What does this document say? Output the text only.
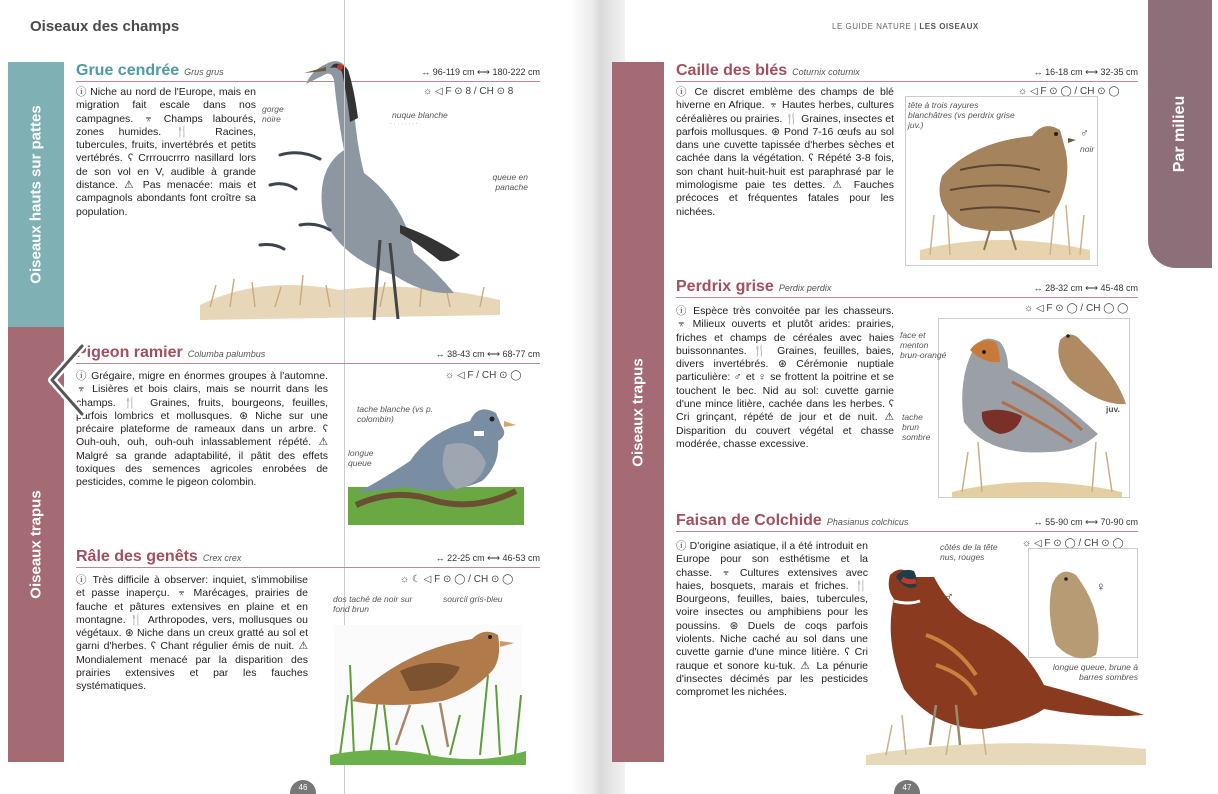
Oiseaux des champs
Oiseaux hauts sur pattes
Oiseaux trapus
Grue cendrée Grus grus	↔ 96-119 cm ⟷ 180-222 cm
☼ ◁ F ⊙ 8 / CH ⊙ 8
ⓘ Niche au nord de l'Europe, mais en migration fait escale dans nos campagnes. ⌆ Champs labourés, zones humides. 🍴 Racines, tubercules, fruits, invertébrés et petits vertébrés. ʕ Crrroucrrro nasillard lors de son vol en V, audible à grande distance. ⚠ Pas menacée: mais et campagnols abondants font croître sa population.
· · · · · ·
· · · · · · · ·
gorge noire	nuque blanche
queue en panache
Pigeon ramier Columba palumbus	↔ 38-43 cm ⟷ 68-77 cm
☼ ◁ F / CH ⊙ ◯
ⓘ Grégaire, migre en énormes groupes à l'automne. ⌆ Lisières et bois clairs, mais se nourrit dans les champs. 🍴 Graines, fruits, bourgeons, feuilles, parfois lombrics et mollusques. ⊛ Niche sur une précaire plateforme de rameaux dans un arbre. ʕ Ouh-ouh, ouh, ouh-ouh inlassablement répété. ⚠ Malgré sa grande adaptabilité, il pâtit des effets toxiques des semences agricoles enrobées de pesticides, comme le pigeon colombin.
tache blanche (vs p. colombin)
longue queue
Râle des genêts Crex crex	↔ 22-25 cm ⟷ 46-53 cm
☼ ☾ ◁ F ⊙ ◯ / CH ⊙ ◯
ⓘ Très difficile à observer: inquiet, s'immobilise et passe inaperçu. ⌆ Marécages, prairies de fauche et pâtures extensives en plaine et en montagne. 🍴 Arthropodes, vers, mollusques ou végétaux. ⊛ Niche dans un creux gratté au sol et garni d'herbes. ʕ Chant régulier émis de nuit. ⚠ Mondialement menacé par la disparition des prairies extensives et par les fauches systématiques.
dos taché de noir sur fond brun
sourcil gris-bleu
46
LE GUIDE NATURE | LES OISEAUX
Oiseaux trapus
Par milieu
Caille des blés Coturnix coturnix	↔ 16-18 cm ⟷ 32-35 cm
☼ ◁ F ⊙ ◯ / CH ⊙ ◯
ⓘ Ce discret emblème des champs de blé hiverne en Afrique. ⌆ Hautes herbes, cultures céréalières ou prairies. 🍴 Graines, insectes et parfois mollusques. ⊛ Pond 7-16 œufs au sol dans une cuvette tapissée d'herbes sèches et cachée dans la végétation. ʕ Répété 3-8 fois, son chant huit-huit-huit est paraphrasé par le mimologisme paie tes dettes. ⚠ Fauches précoces et fréquentes fatales pour les nichées.
tête à trois rayures blanchâtres (vs perdrix grise juv.)
♂
noir
Perdrix grise Perdix perdix	↔ 28-32 cm ⟷ 45-48 cm
☼ ◁ F ⊙ ◯ / CH ◯ ◯
ⓘ Espèce très convoitée par les chasseurs. ⌆ Milieux ouverts et plutôt arides: prairies, friches et champs de céréales avec haies buissonnantes. 🍴 Graines, feuilles, baies, divers invertébrés. ⊛ Cérémonie nuptiale particulière: ♂ et ♀ se frottent la poitrine et se touchent le bec. Nid au sol: cuvette garnie d'une mince litière, cachée dans les herbes. ʕ Cri grinçant, répété de jour et de nuit. ⚠ Disparition du couvert végétal et chasse modérée, chasse excessive.
face et menton brun-orangé
tache brun sombre
juv.
Faisan de Colchide Phasianus colchicus	↔ 55-90 cm ⟷ 70-90 cm
☼ ◁ F ⊙ ◯ / CH ⊙ ◯
ⓘ D'origine asiatique, il a été introduit en Europe pour son esthétisme et la chasse. ⌆ Cultures extensives avec haies, bosquets, marais et friches. 🍴 Bourgeons, feuilles, baies, tubercules, voire insectes ou amphibiens pour les poussins. ⊛ Duels de coqs parfois violents. Niche caché au sol dans une cuvette garnie d'une mince litière. ʕ Cri rauque et sonore ku-tuk. ⚠ La pénurie d'insectes décimés par les pesticides compromet les nichées.
côtés de la tête nus, rouges
♂
♀
longue queue, brune à barres sombres
47
